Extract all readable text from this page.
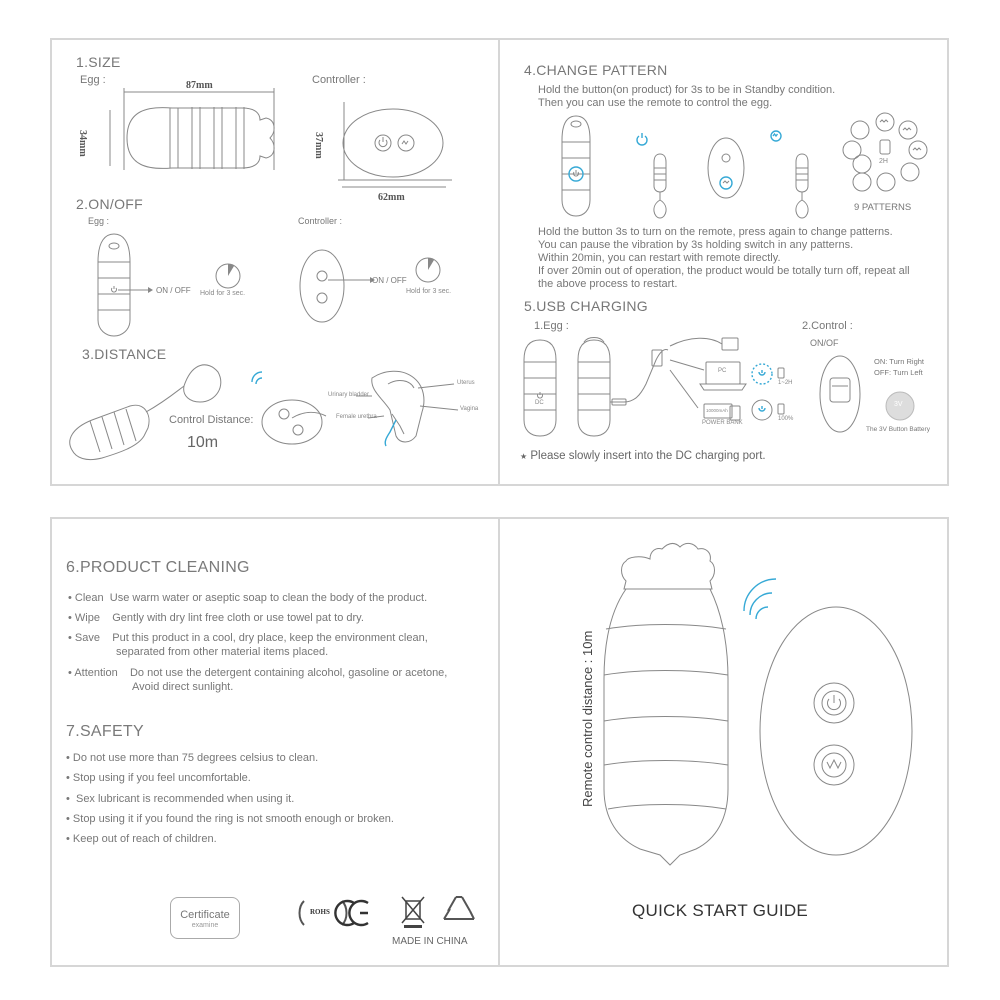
1.SIZE
Egg :	Controller :
87mm
34mm	37mm
62mm
2.ON/OFF
Egg :	Controller :
ON / OFF Hold for 3 sec.
ON / OFF
Hold for 3 sec.
3.DISTANCE
Control Distance:
10m
Uterus
Urinary bladder
Vagina
Female urethra
4.CHANGE PATTERN
Hold the button(on product) for 3s to be in Standby condition.
Then you can use the remote to control the egg.
2H
9 PATTERNS
Hold the button 3s to turn on the remote, press again to change patterns.
You can pause the vibration by 3s holding switch in any patterns.
Within 20min, you can restart with remote directly.
If over 20min out of operation, the product would be totally turn off, repeat all
the above process to restart.
5.USB CHARGING
1.Egg :	2.Control :
ON/OF
DC
PC
10000mAh
POWER BANK
1~2H
100%
ON: Turn Right
OFF: Turn Left
3V
The 3V Button Battery
★ Please slowly insert into the DC charging port.
6.PRODUCT CLEANING
• Clean Use warm water or aseptic soap to clean the body of the product.
• Wipe Gently with dry lint free cloth or use towel pat to dry.
• Save Put this product in a cool, dry place, keep the environment clean,
separated from other material items placed.
• Attention Do not use the detergent containing alcohol, gasoline or acetone,
Avoid direct sunlight.
7.SAFETY
• Do not use more than 75 degrees celsius to clean.
• Stop using if you feel uncomfortable.
•  Sex lubricant is recommended when using it.
• Stop using it if you found the ring is not smooth enough or broken.
• Keep out of reach of children.
Certificate
examine
ROHS
MADE IN CHINA
Remote control distance : 10m
QUICK START GUIDE
